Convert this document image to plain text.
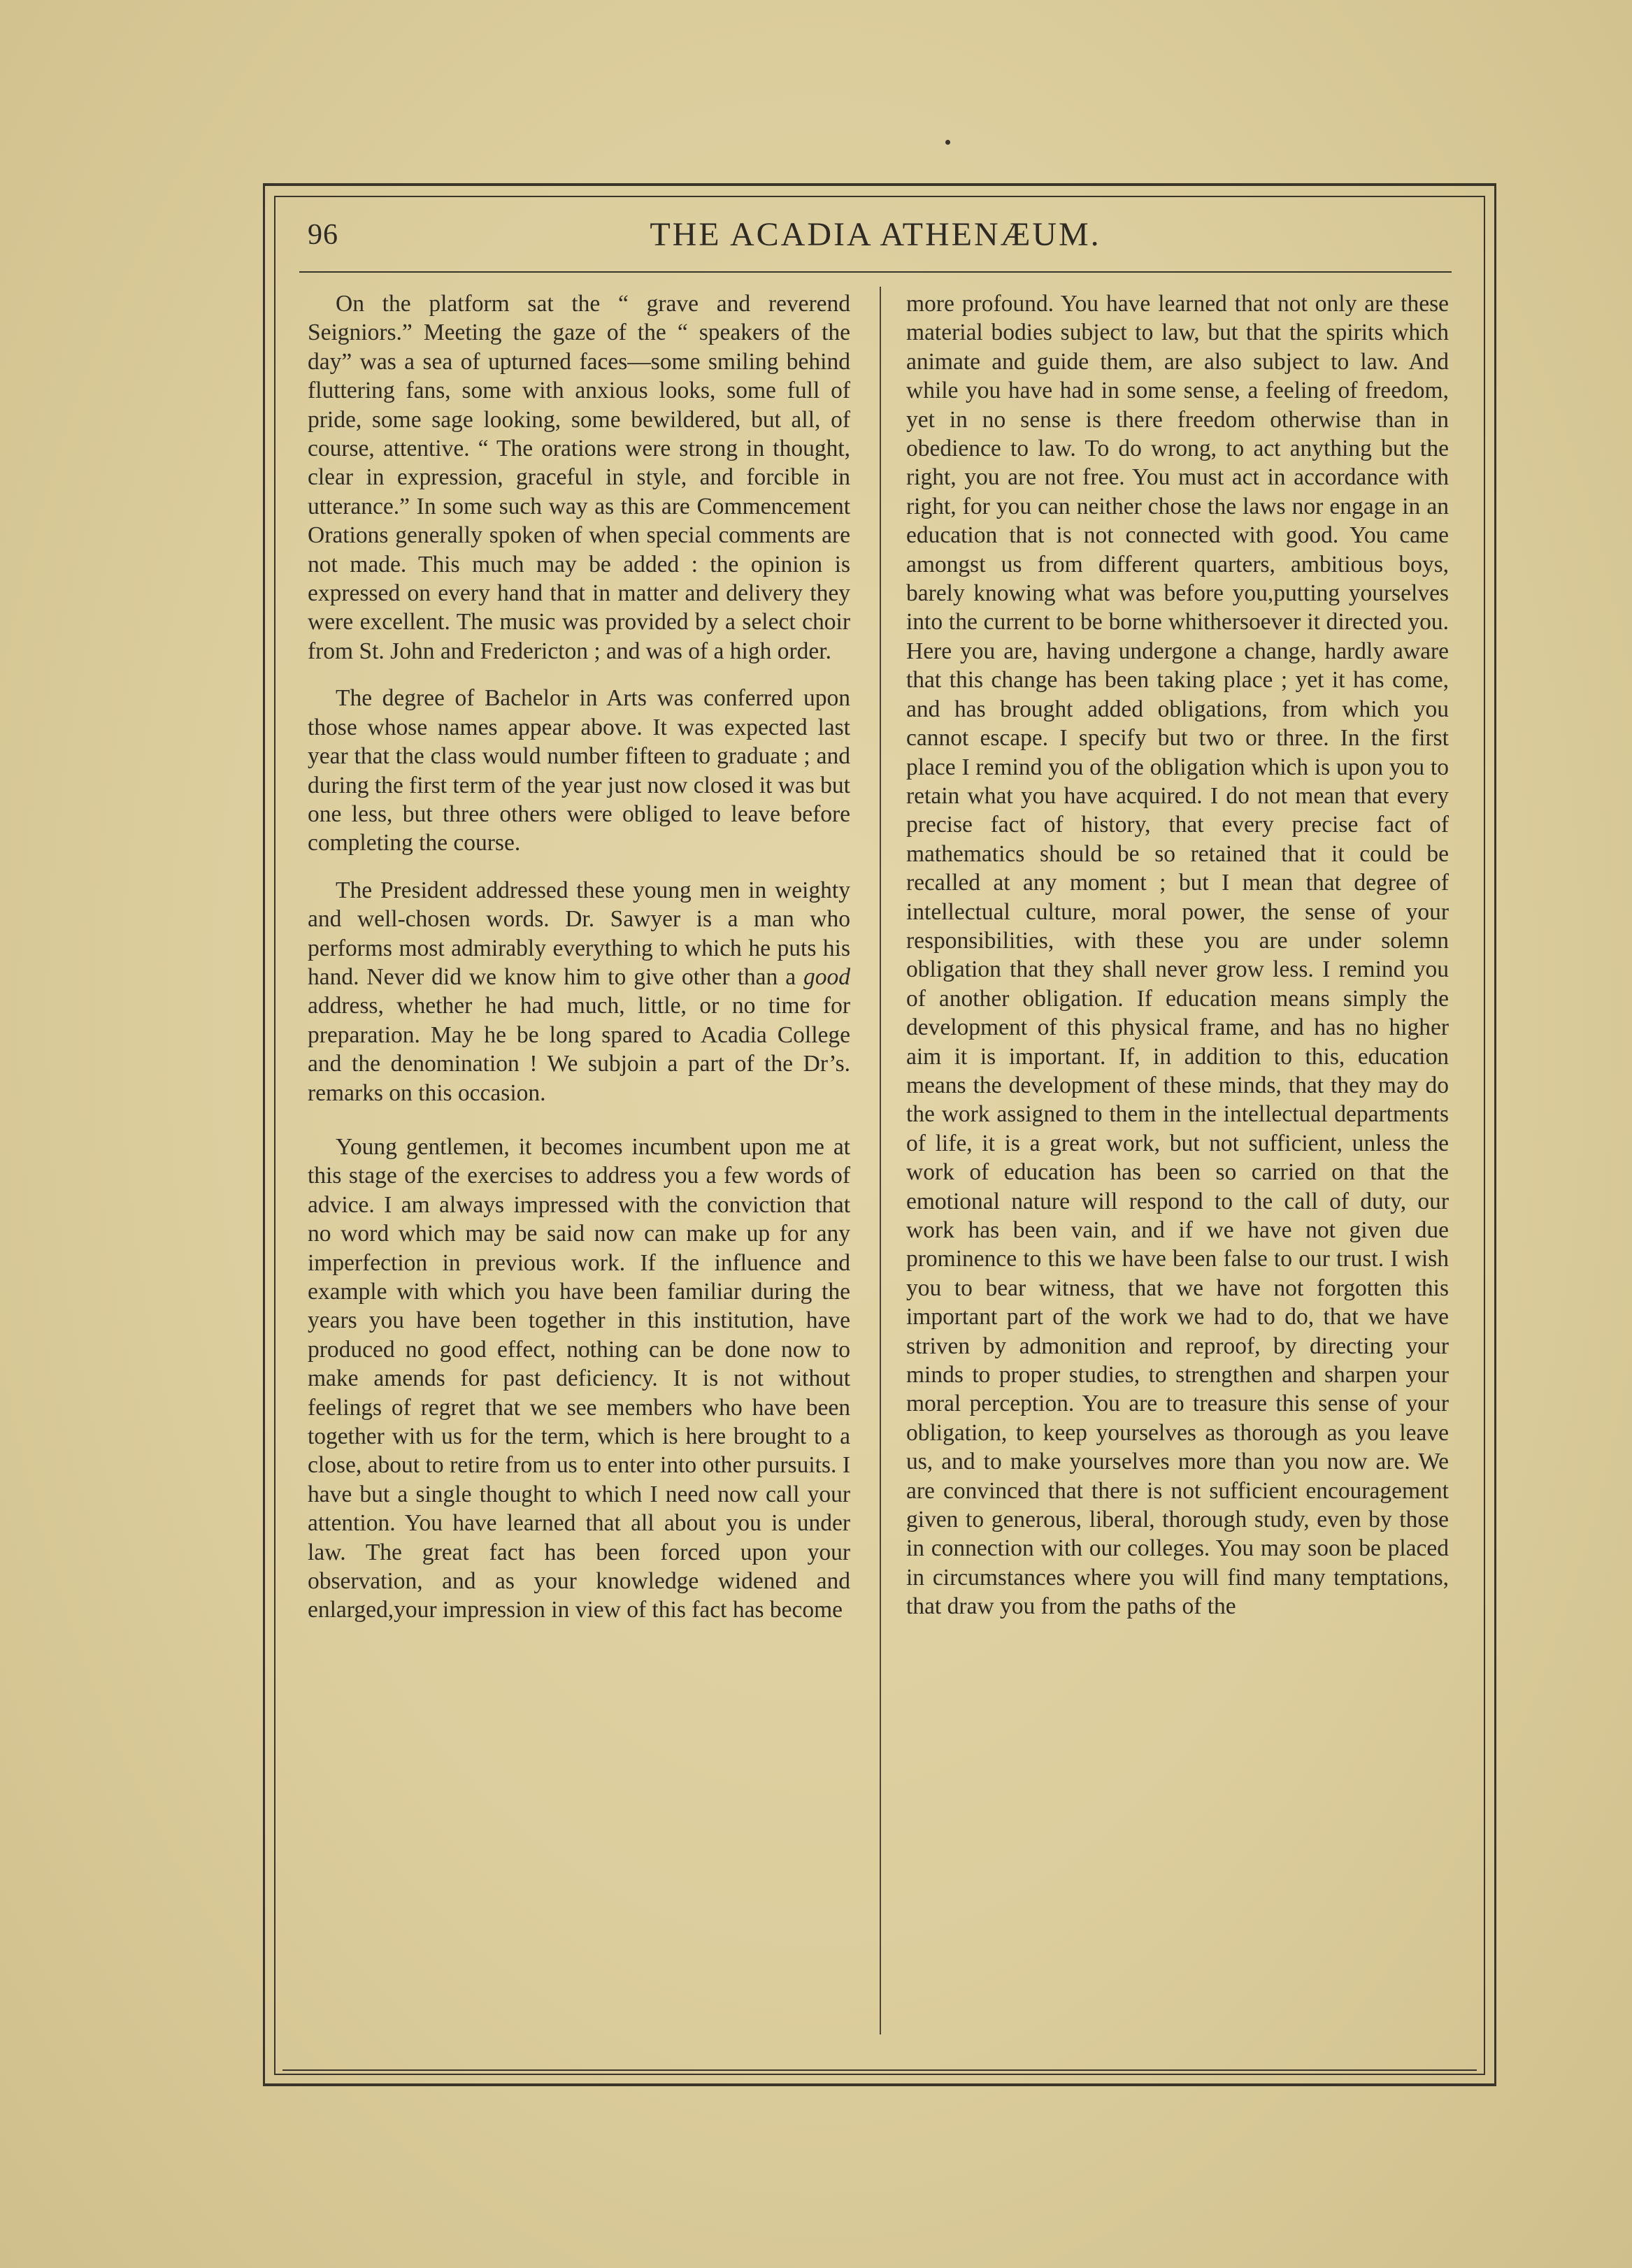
96	THE ACADIA ATHENÆUM.

On the platform sat the “ grave and reverend Seigniors.” Meeting the gaze of the “ speakers of the day” was a sea of upturned faces—some smiling behind fluttering fans, some with anxious looks, some full of pride, some sage looking, some bewildered, but all, of course, attentive. “ The orations were strong in thought, clear in expression, graceful in style, and forcible in utterance.” In some such way as this are Commencement Orations generally spoken of when special comments are not made. This much may be added : the opinion is expressed on every hand that in matter and delivery they were excellent. The music was provided by a select choir from St. John and Fredericton ; and was of a high order.

The degree of Bachelor in Arts was conferred upon those whose names appear above. It was expected last year that the class would number fifteen to graduate ; and during the first term of the year just now closed it was but one less, but three others were obliged to leave before completing the course.

The President addressed these young men in weighty and well-chosen words. Dr. Sawyer is a man who performs most admirably everything to which he puts his hand. Never did we know him to give other than a good address, whether he had much, little, or no time for preparation. May he be long spared to Acadia College and the denomination ! We subjoin a part of the Dr’s. remarks on this occasion.

Young gentlemen, it becomes incumbent upon me at this stage of the exercises to address you a few words of advice. I am always impressed with the conviction that no word which may be said now can make up for any imperfection in previous work. If the influence and example with which you have been familiar during the years you have been together in this institution, have produced no good effect, nothing can be done now to make amends for past deficiency. It is not without feelings of regret that we see members who have been together with us for the term, which is here brought to a close, about to retire from us to enter into other pursuits. I have but a single thought to which I need now call your attention. You have learned that all about you is under law. The great fact has been forced upon your observation, and as your knowledge widened and enlarged,your impression in view of this fact has become

more profound. You have learned that not only are these material bodies subject to law, but that the spirits which animate and guide them, are also subject to law. And while you have had in some sense, a feeling of freedom, yet in no sense is there freedom otherwise than in obedience to law. To do wrong, to act anything but the right, you are not free. You must act in accordance with right, for you can neither chose the laws nor engage in an education that is not connected with good. You came amongst us from different quarters, ambitious boys, barely knowing what was before you,putting yourselves into the current to be borne whithersoever it directed you. Here you are, having undergone a change, hardly aware that this change has been taking place ; yet it has come, and has brought added obligations, from which you cannot escape. I specify but two or three. In the first place I remind you of the obligation which is upon you to retain what you have acquired. I do not mean that every precise fact of history, that every precise fact of mathematics should be so retained that it could be recalled at any moment ; but I mean that degree of intellectual culture, moral power, the sense of your responsibilities, with these you are under solemn obligation that they shall never grow less. I remind you of another obligation. If education means simply the development of this physical frame, and has no higher aim it is important. If, in addition to this, education means the development of these minds, that they may do the work assigned to them in the intellectual departments of life, it is a great work, but not sufficient, unless the work of education has been so carried on that the emotional nature will respond to the call of duty, our work has been vain, and if we have not given due prominence to this we have been false to our trust. I wish you to bear witness, that we have not forgotten this important part of the work we had to do, that we have striven by admonition and reproof, by directing your minds to proper studies, to strengthen and sharpen your moral perception. You are to treasure this sense of your obligation, to keep yourselves as thorough as you leave us, and to make yourselves more than you now are. We are convinced that there is not sufficient encouragement given to generous, liberal, thorough study, even by those in connection with our colleges. You may soon be placed in circumstances where you will find many temptations, that draw you from the paths of the
